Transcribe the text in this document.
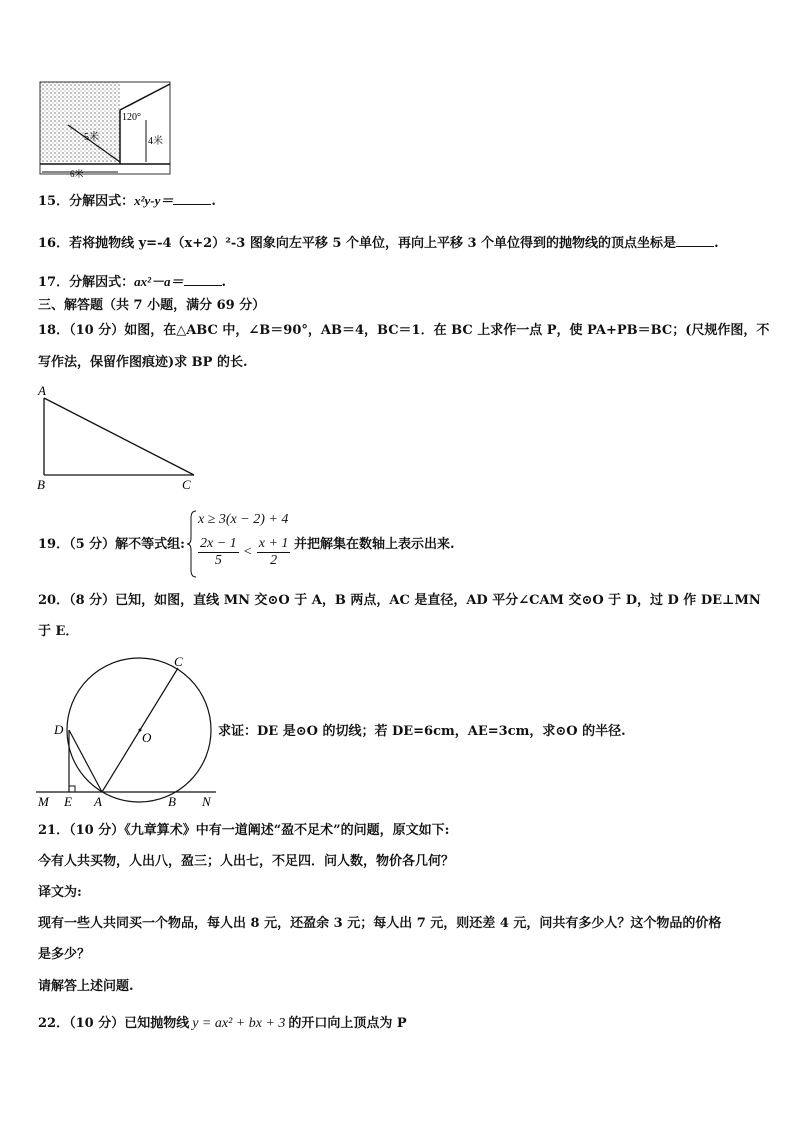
120°
4米
5米
6米
15．分解因式：x²y-y＝	.
16．若将抛物线 y=-4（x+2）²-3 图象向左平移 5 个单位，再向上平移 3 个单位得到的抛物线的顶点坐标是	.
17．分解因式：ax²－a＝	.
三、解答题（共 7 小题，满分 69 分）
18．（10 分）如图，在△ABC 中，∠B＝90°，AB＝4，BC＝1．在 BC 上求作一点 P，使 PA+PB＝BC；(尺规作图，不
写作法，保留作图痕迹)求 BP 的长.
A
B	C
19．（5 分）解不等式组:
x ≥ 3(x − 2) + 4
$\frac{2x - 1}{5} < \frac{x + 1}{2}$ 并把解集在数轴上表示出来.
20．（8 分）已知，如图，直线 MN 交⊙O 于 A，B 两点，AC 是直径，AD 平分∠CAM 交⊙O 于 D，过 D 作 DE⊥MN
于 E．
C
D
O
M E A	B N
求证：DE 是⊙O 的切线；若 DE=6cm，AE=3cm，求⊙O 的半径.
21．（10 分）《九章算术》中有一道阐述“盈不足术”的问题，原文如下:
今有人共买物，人出八，盈三；人出七，不足四．问人数，物价各几何？
译文为:
现有一些人共同买一个物品，每人出 8 元，还盈余 3 元；每人出 7 元，则还差 4 元，问共有多少人？这个物品的价格
是多少？
请解答上述问题.
22．（10 分）已知抛物线 y = ax² + bx + 3 的开口向上顶点为 P
